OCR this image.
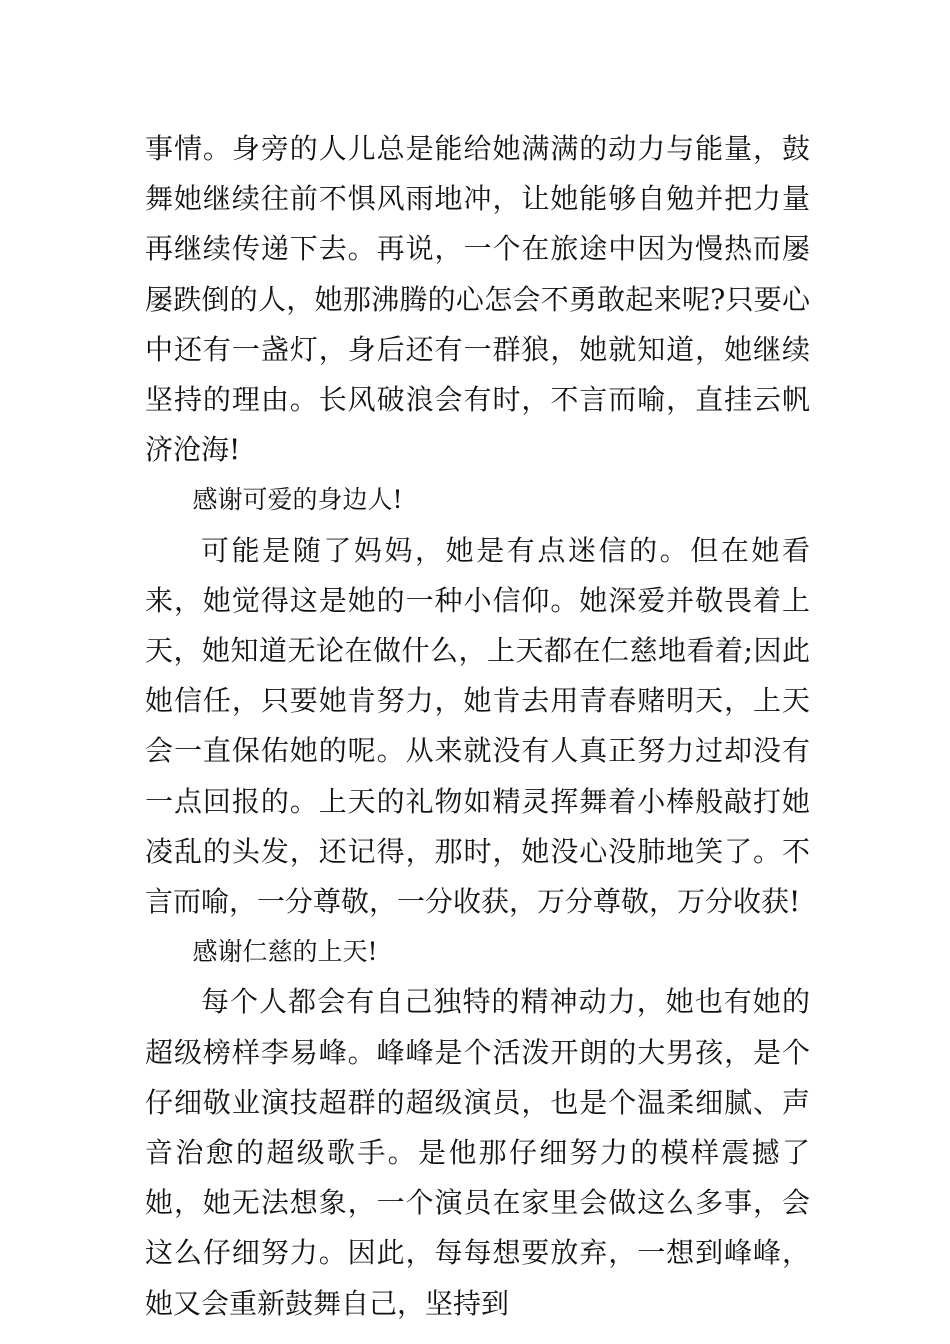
事情。身旁的人儿总是能给她满满的动力与能量，鼓舞她继续往前不惧风雨地冲，让她能够自勉并把力量再继续传递下去。再说，一个在旅途中因为慢热而屡屡跌倒的人，她那沸腾的心怎会不勇敢起来呢?只要心中还有一盏灯，身后还有一群狼，她就知道，她继续坚持的理由。长风破浪会有时，不言而喻，直挂云帆济沧海!

感谢可爱的身边人!

可能是随了妈妈，她是有点迷信的。但在她看来，她觉得这是她的一种小信仰。她深爱并敬畏着上天，她知道无论在做什么，上天都在仁慈地看着;因此她信任，只要她肯努力，她肯去用青春赌明天，上天会一直保佑她的呢。从来就没有人真正努力过却没有一点回报的。上天的礼物如精灵挥舞着小棒般敲打她凌乱的头发，还记得，那时，她没心没肺地笑了。不言而喻，一分尊敬，一分收获，万分尊敬，万分收获!

感谢仁慈的上天!

每个人都会有自己独特的精神动力，她也有她的超级榜样李易峰。峰峰是个活泼开朗的大男孩，是个仔细敬业演技超群的超级演员，也是个温柔细腻、声音治愈的超级歌手。是他那仔细努力的模样震撼了她，她无法想象，一个演员在家里会做这么多事，会这么仔细努力。因此，每每想要放弃，一想到峰峰，她又会重新鼓舞自己，坚持到
